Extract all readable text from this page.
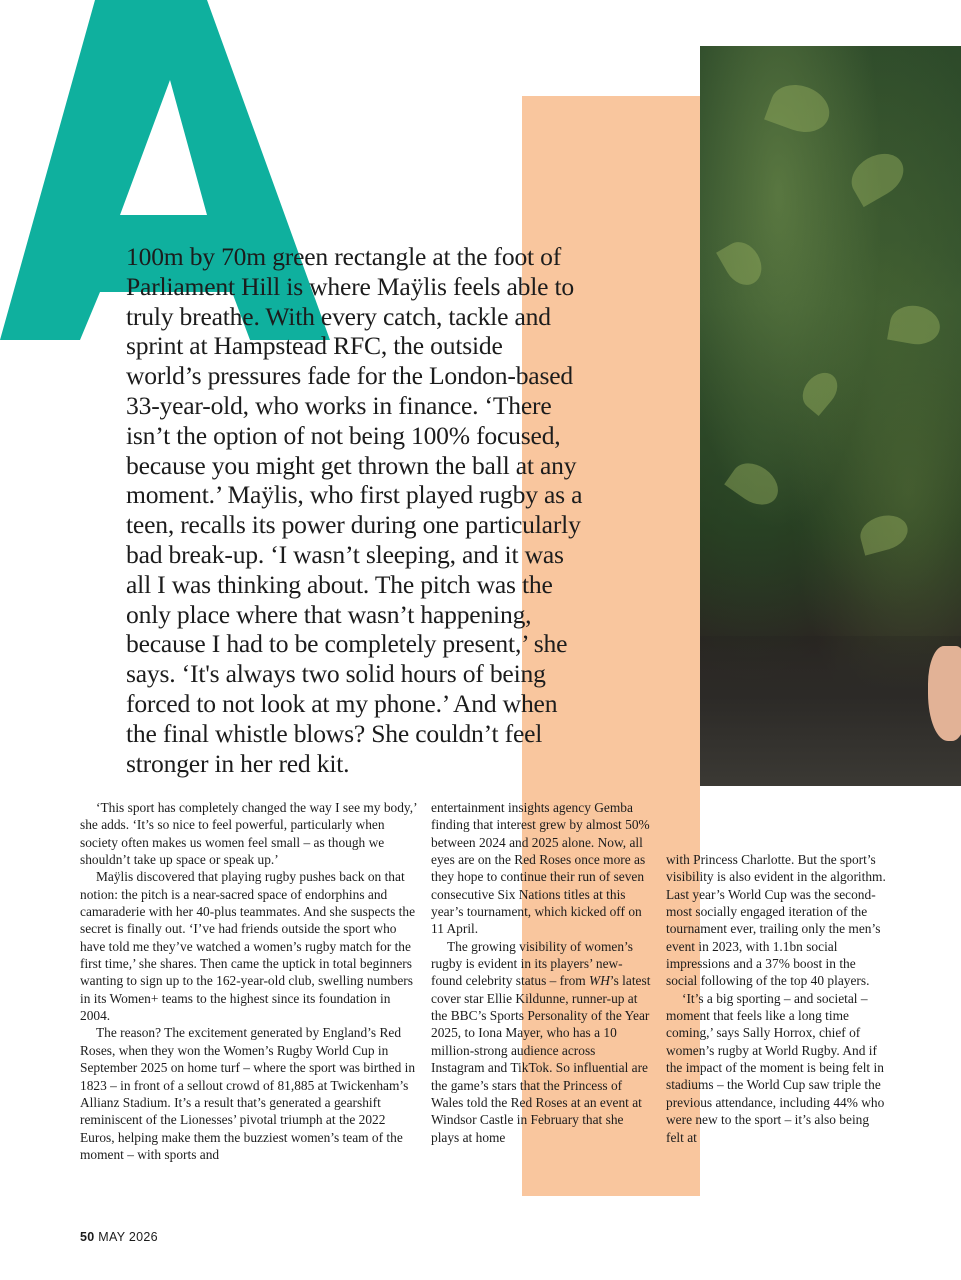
100m by 70m green rectangle at the foot of
Parliament Hill is where Maÿlis feels able to
truly breathe. With every catch, tackle and
sprint at Hampstead RFC, the outside
world’s pressures fade for the London-based
33-year-old, who works in finance. ‘There
isn’t the option of not being 100% focused,
because you might get thrown the ball at any
moment.’ Maÿlis, who first played rugby as a
teen, recalls its power during one particularly
bad break-up. ‘I wasn’t sleeping, and it was
all I was thinking about. The pitch was the
only place where that wasn’t happening,
because I had to be completely present,’ she
says. ‘It's always two solid hours of being
forced to not look at my phone.’ And when
the final whistle blows? She couldn’t feel
stronger in her red kit.

‘This sport has completely changed the way I see my body,’ she adds. ‘It’s so nice to feel powerful, particularly when society often makes us women feel small – as though we shouldn’t take up space or speak up.’

Maÿlis discovered that playing rugby pushes back on that notion: the pitch is a near-sacred space of endorphins and camaraderie with her 40-plus teammates. And she suspects the secret is finally out. ‘I’ve had friends outside the sport who have told me they’ve watched a women’s rugby match for the first time,’ she shares. Then came the uptick in total beginners wanting to sign up to the 162-year-old club, swelling numbers in its Women+ teams to the highest since its foundation in 2004.

The reason? The excitement generated by England’s Red Roses, when they won the Women’s Rugby World Cup in September 2025 on home turf – where the sport was birthed in 1823 – in front of a sellout crowd of 81,885 at Twickenham’s Allianz Stadium. It’s a result that’s generated a gearshift reminiscent of the Lionesses’ pivotal triumph at the 2022 Euros, helping make them the buzziest women’s team of the moment – with sports and

entertainment insights agency Gemba finding that interest grew by almost 50% between 2024 and 2025 alone. Now, all eyes are on the Red Roses once more as they hope to continue their run of seven consecutive Six Nations titles at this year’s tournament, which kicked off on 11 April.

The growing visibility of women’s rugby is evident in its players’ new-found celebrity status – from WH’s latest cover star Ellie Kildunne, runner-up at the BBC’s Sports Personality of the Year 2025, to Iona Mayer, who has a 10 million-strong audience across Instagram and TikTok. So influential are the game’s stars that the Princess of Wales told the Red Roses at an event at Windsor Castle in February that she plays at home

with Princess Charlotte. But the sport’s visibility is also evident in the algorithm. Last year’s World Cup was the second-most socially engaged iteration of the tournament ever, trailing only the men’s event in 2023, with 1.1bn social impressions and a 37% boost in the social following of the top 40 players.

‘It’s a big sporting – and societal – moment that feels like a long time coming,’ says Sally Horrox, chief of women’s rugby at World Rugby. And if the impact of the moment is being felt in stadiums – the World Cup saw triple the previous attendance, including 44% who were new to the sport – it’s also being felt at

50 MAY 2026
